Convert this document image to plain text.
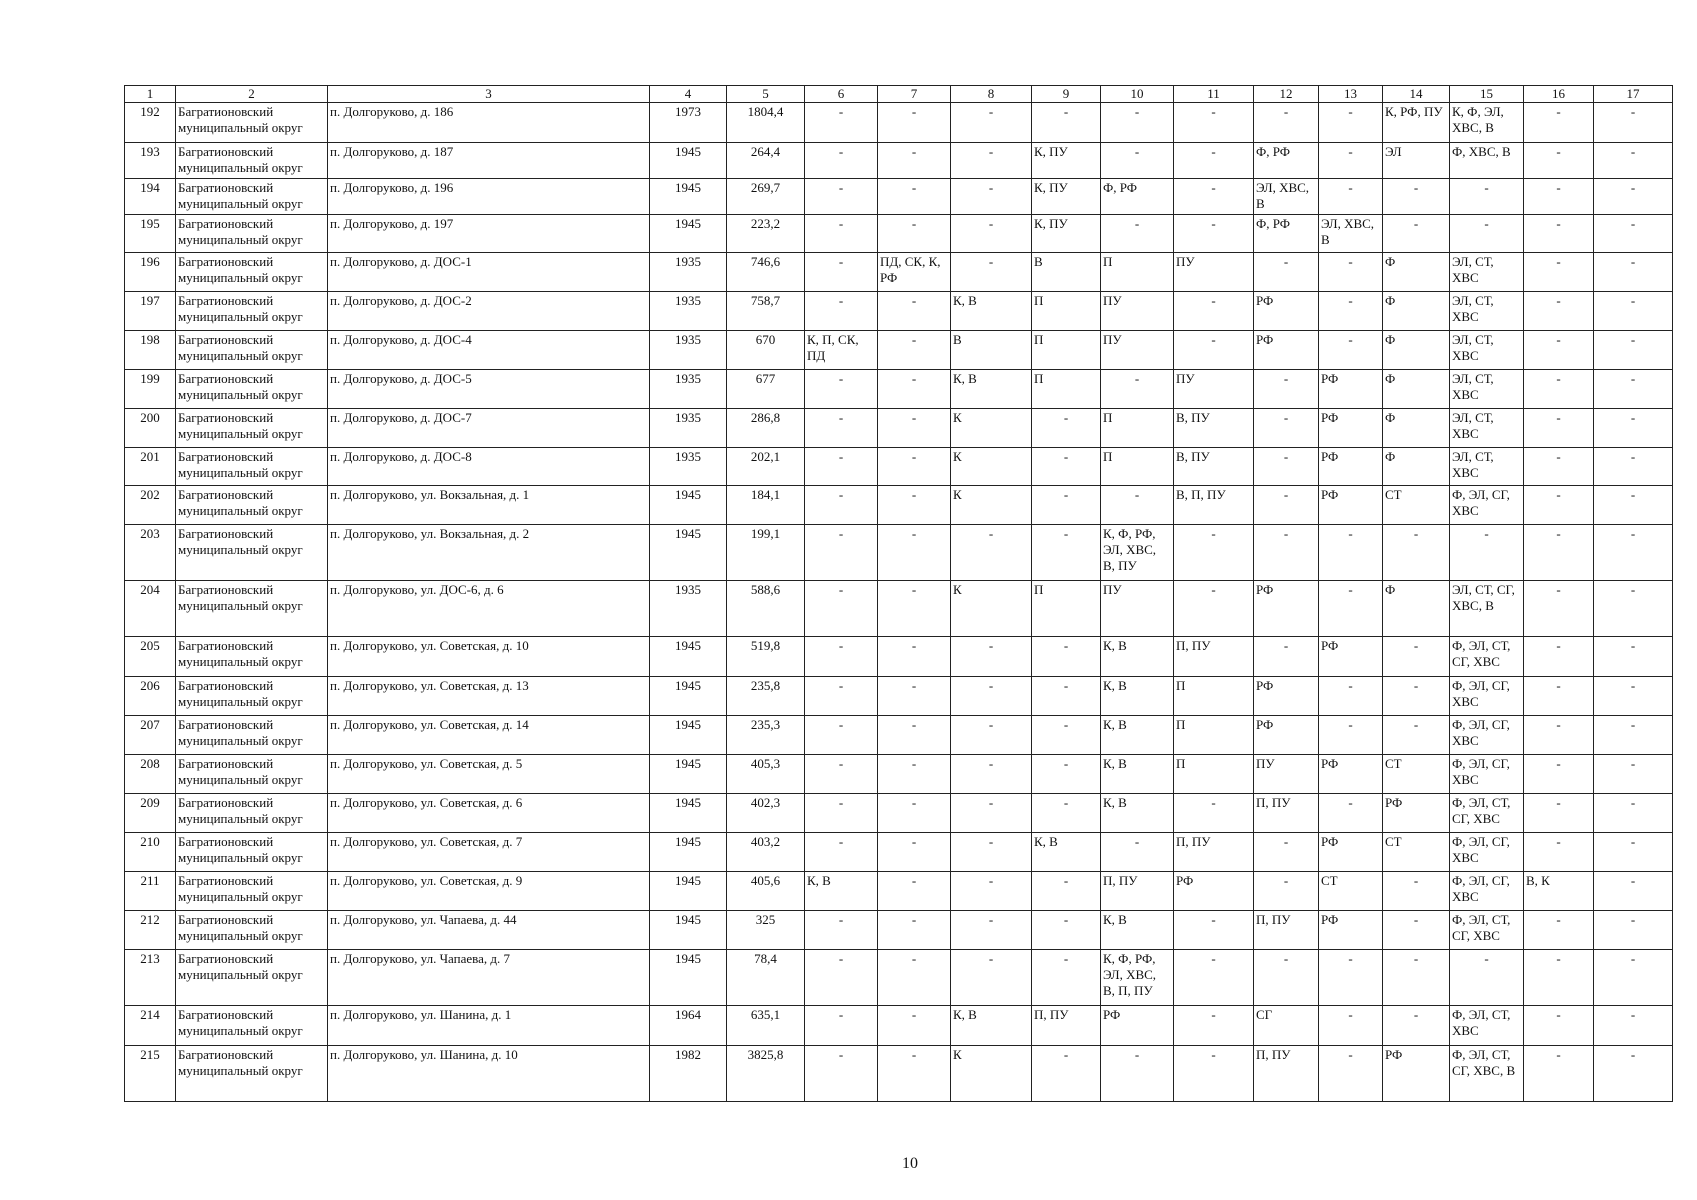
1	2	3	4	5	6	7	8	9	10	11	12	13	14	15	16	17
192	Багратионовский муниципальный округ	п. Долгоруково, д. 186	1973	1804,4	-	-	-	-	-	-	-	-	К, РФ, ПУ	К, Ф, ЭЛ, ХВС, В	-	-
193	Багратионовский муниципальный округ	п. Долгоруково, д. 187	1945	264,4	-	-	-	К, ПУ	-	-	Ф, РФ	-	ЭЛ	Ф, ХВС, В	-	-
194	Багратионовский муниципальный округ	п. Долгоруково, д. 196	1945	269,7	-	-	-	К, ПУ	Ф, РФ	-	ЭЛ, ХВС, В	-	-	-	-	-
195	Багратионовский муниципальный округ	п. Долгоруково, д. 197	1945	223,2	-	-	-	К, ПУ	-	-	Ф, РФ	ЭЛ, ХВС, В	-	-	-	-
196	Багратионовский муниципальный округ	п. Долгоруково, д. ДОС-1	1935	746,6	-	ПД, СК, К, РФ	-	В	П	ПУ	-	-	Ф	ЭЛ, СТ, ХВС	-	-
197	Багратионовский муниципальный округ	п. Долгоруково, д. ДОС-2	1935	758,7	-	-	К, В	П	ПУ	-	РФ	-	Ф	ЭЛ, СТ, ХВС	-	-
198	Багратионовский муниципальный округ	п. Долгоруково, д. ДОС-4	1935	670	К, П, СК, ПД	-	В	П	ПУ	-	РФ	-	Ф	ЭЛ, СТ, ХВС	-	-
199	Багратионовский муниципальный округ	п. Долгоруково, д. ДОС-5	1935	677	-	-	К, В	П	-	ПУ	-	РФ	Ф	ЭЛ, СТ, ХВС	-	-
200	Багратионовский муниципальный округ	п. Долгоруково, д. ДОС-7	1935	286,8	-	-	К	-	П	В, ПУ	-	РФ	Ф	ЭЛ, СТ, ХВС	-	-
201	Багратионовский муниципальный округ	п. Долгоруково, д. ДОС-8	1935	202,1	-	-	К	-	П	В, ПУ	-	РФ	Ф	ЭЛ, СТ, ХВС	-	-
202	Багратионовский муниципальный округ	п. Долгоруково, ул. Вокзальная, д. 1	1945	184,1	-	-	К	-	-	В, П, ПУ	-	РФ	СТ	Ф, ЭЛ, СГ, ХВС	-	-
203	Багратионовский муниципальный округ	п. Долгоруково, ул. Вокзальная, д. 2	1945	199,1	-	-	-	-	К, Ф, РФ, ЭЛ, ХВС, В, ПУ	-	-	-	-	-	-	-
204	Багратионовский муниципальный округ	п. Долгоруково, ул. ДОС-6, д. 6	1935	588,6	-	-	К	П	ПУ	-	РФ	-	Ф	ЭЛ, СТ, СГ, ХВС, В	-	-
205	Багратионовский муниципальный округ	п. Долгоруково, ул. Советская, д. 10	1945	519,8	-	-	-	-	К, В	П, ПУ	-	РФ	-	Ф, ЭЛ, СТ, СГ, ХВС	-	-
206	Багратионовский муниципальный округ	п. Долгоруково, ул. Советская, д. 13	1945	235,8	-	-	-	-	К, В	П	РФ	-	-	Ф, ЭЛ, СГ, ХВС	-	-
207	Багратионовский муниципальный округ	п. Долгоруково, ул. Советская, д. 14	1945	235,3	-	-	-	-	К, В	П	РФ	-	-	Ф, ЭЛ, СГ, ХВС	-	-
208	Багратионовский муниципальный округ	п. Долгоруково, ул. Советская, д. 5	1945	405,3	-	-	-	-	К, В	П	ПУ	РФ	СТ	Ф, ЭЛ, СГ, ХВС	-	-
209	Багратионовский муниципальный округ	п. Долгоруково, ул. Советская, д. 6	1945	402,3	-	-	-	-	К, В	-	П, ПУ	-	РФ	Ф, ЭЛ, СТ, СГ, ХВС	-	-
210	Багратионовский муниципальный округ	п. Долгоруково, ул. Советская, д. 7	1945	403,2	-	-	-	К, В	-	П, ПУ	-	РФ	СТ	Ф, ЭЛ, СГ, ХВС	-	-
211	Багратионовский муниципальный округ	п. Долгоруково, ул. Советская, д. 9	1945	405,6	К, В	-	-	-	П, ПУ	РФ	-	СТ	-	Ф, ЭЛ, СГ, ХВС	В, К	-
212	Багратионовский муниципальный округ	п. Долгоруково, ул. Чапаева, д. 44	1945	325	-	-	-	-	К, В	-	П, ПУ	РФ	-	Ф, ЭЛ, СТ, СГ, ХВС	-	-
213	Багратионовский муниципальный округ	п. Долгоруково, ул. Чапаева, д. 7	1945	78,4	-	-	-	-	К, Ф, РФ, ЭЛ, ХВС, В, П, ПУ	-	-	-	-	-	-	-
214	Багратионовский муниципальный округ	п. Долгоруково, ул. Шанина, д. 1	1964	635,1	-	-	К, В	П, ПУ	РФ	-	СГ	-	-	Ф, ЭЛ, СТ, ХВС	-	-
215	Багратионовский муниципальный округ	п. Долгоруково, ул. Шанина, д. 10	1982	3825,8	-	-	К	-	-	-	П, ПУ	-	РФ	Ф, ЭЛ, СТ, СГ, ХВС, В	-	-
10
